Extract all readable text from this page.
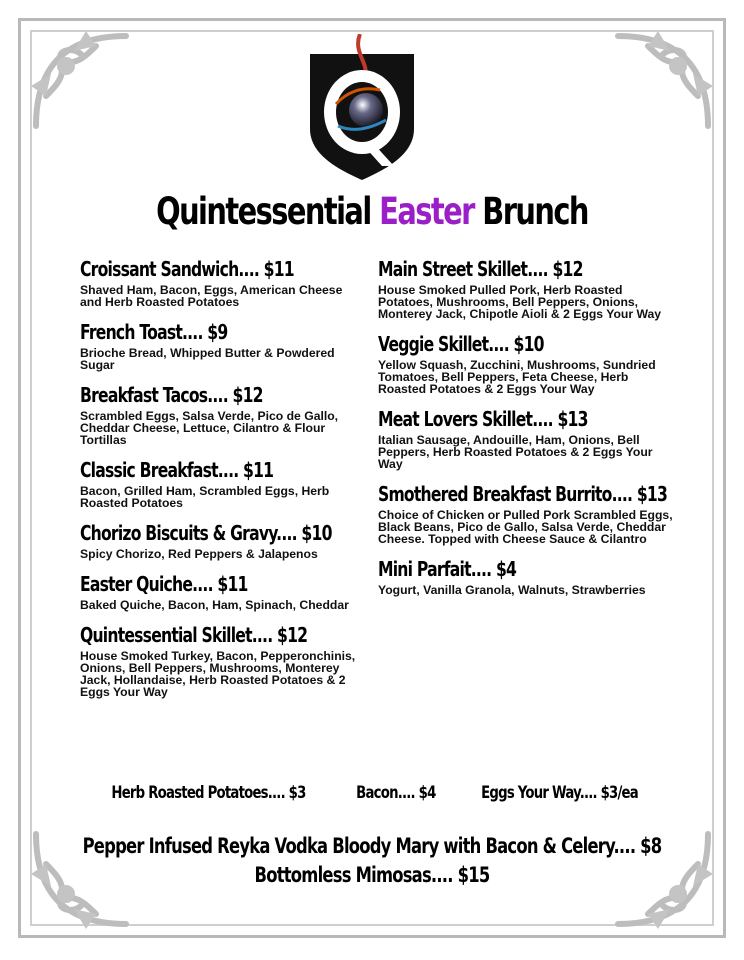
Q
Quintessential Easter Brunch
Croissant Sandwich.... $11
Shaved Ham, Bacon, Eggs, American Cheese and Herb Roasted Potatoes
French Toast.... $9
Brioche Bread, Whipped Butter & Powdered Sugar
Breakfast Tacos.... $12
Scrambled Eggs, Salsa Verde, Pico de Gallo, Cheddar Cheese, Lettuce, Cilantro & Flour Tortillas
Classic Breakfast.... $11
Bacon, Grilled Ham, Scrambled Eggs, Herb Roasted Potatoes
Chorizo Biscuits & Gravy.... $10
Spicy Chorizo, Red Peppers & Jalapenos
Easter Quiche.... $11
Baked Quiche, Bacon, Ham, Spinach, Cheddar
Quintessential Skillet.... $12
House Smoked Turkey, Bacon, Pepperonchinis, Onions, Bell Peppers, Mushrooms, Monterey Jack, Hollandaise, Herb Roasted Potatoes & 2 Eggs Your Way
Main Street Skillet.... $12
House Smoked Pulled Pork, Herb Roasted Potatoes, Mushrooms, Bell Peppers, Onions, Monterey Jack, Chipotle Aioli & 2 Eggs Your Way
Veggie Skillet.... $10
Yellow Squash, Zucchini, Mushrooms, Sundried Tomatoes, Bell Peppers, Feta Cheese, Herb Roasted Potatoes & 2 Eggs Your Way
Meat Lovers Skillet.... $13
Italian Sausage, Andouille, Ham, Onions, Bell Peppers, Herb Roasted Potatoes & 2 Eggs Your Way
Smothered Breakfast Burrito.... $13
Choice of Chicken or Pulled Pork Scrambled Eggs, Black Beans, Pico de Gallo, Salsa Verde, Cheddar Cheese. Topped with Cheese Sauce & Cilantro
Mini Parfait.... $4
Yogurt, Vanilla Granola, Walnuts, Strawberries
Herb Roasted Potatoes.... $3	Bacon.... $4	Eggs Your Way.... $3/ea
Pepper Infused Reyka Vodka Bloody Mary with Bacon & Celery.... $8
Bottomless Mimosas.... $15
